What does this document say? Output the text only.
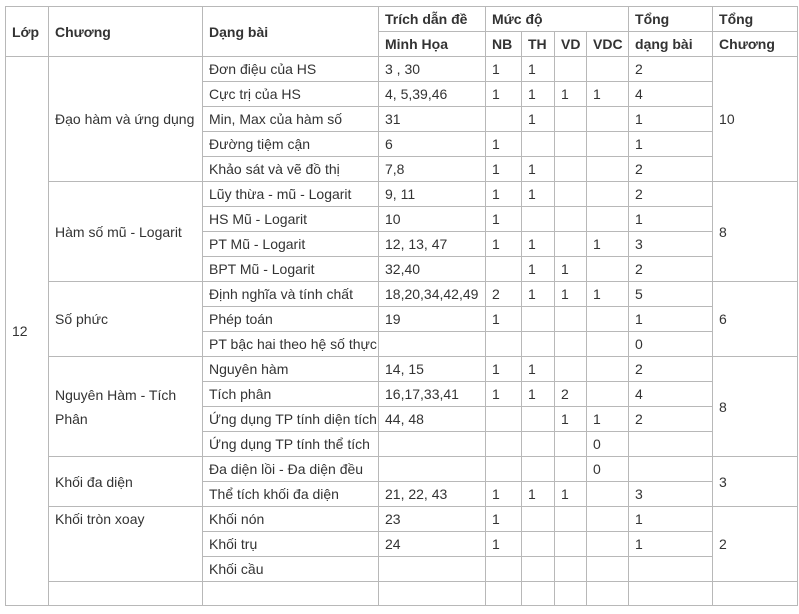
Lớp	Chương	Dạng bài	Trích dẫn đề	Mức độ				Tổng	Tổng
			Minh Họa	NB	TH	VD	VDC	dạng bài	Chương
12	Đạo hàm và ứng dụng	Đơn điệu của HS	3 , 30	1	1			2	10
		Cực trị của HS	4, 5,39,46	1	1	1	1	4	
		Min, Max của hàm số	31		1			1	
		Đường tiệm cận	6	1				1	
		Khảo sát và vẽ đồ thị	7,8	1	1			2	
	Hàm số mũ - Logarit	Lũy thừa - mũ - Logarit	9, 11	1	1			2	8
		HS Mũ - Logarit	10	1				1	
		PT Mũ - Logarit	12, 13, 47	1	1		1	3	
		BPT Mũ - Logarit	32,40		1	1		2	
	Số phức	Định nghĩa và tính chất	18,20,34,42,49	2	1	1	1	5	6
		Phép toán	19	1				1	
		PT bậc hai theo hệ số thực						0	
	Nguyên Hàm - Tích Phân	Nguyên hàm	14, 15	1	1			2	8
		Tích phân	16,17,33,41	1	1	2		4	
		Ứng dụng TP tính diện tích	44, 48			1	1	2	
		Ứng dụng TP tính thể tích					0		
	Khối đa diện	Đa diện lồi - Đa diện đều					0		3
		Thể tích khối đa diện	21, 22, 43	1	1	1		3	
	Khối tròn xoay	Khối nón	23	1				1	2
		Khối trụ	24	1				1	
		Khối cầu							
